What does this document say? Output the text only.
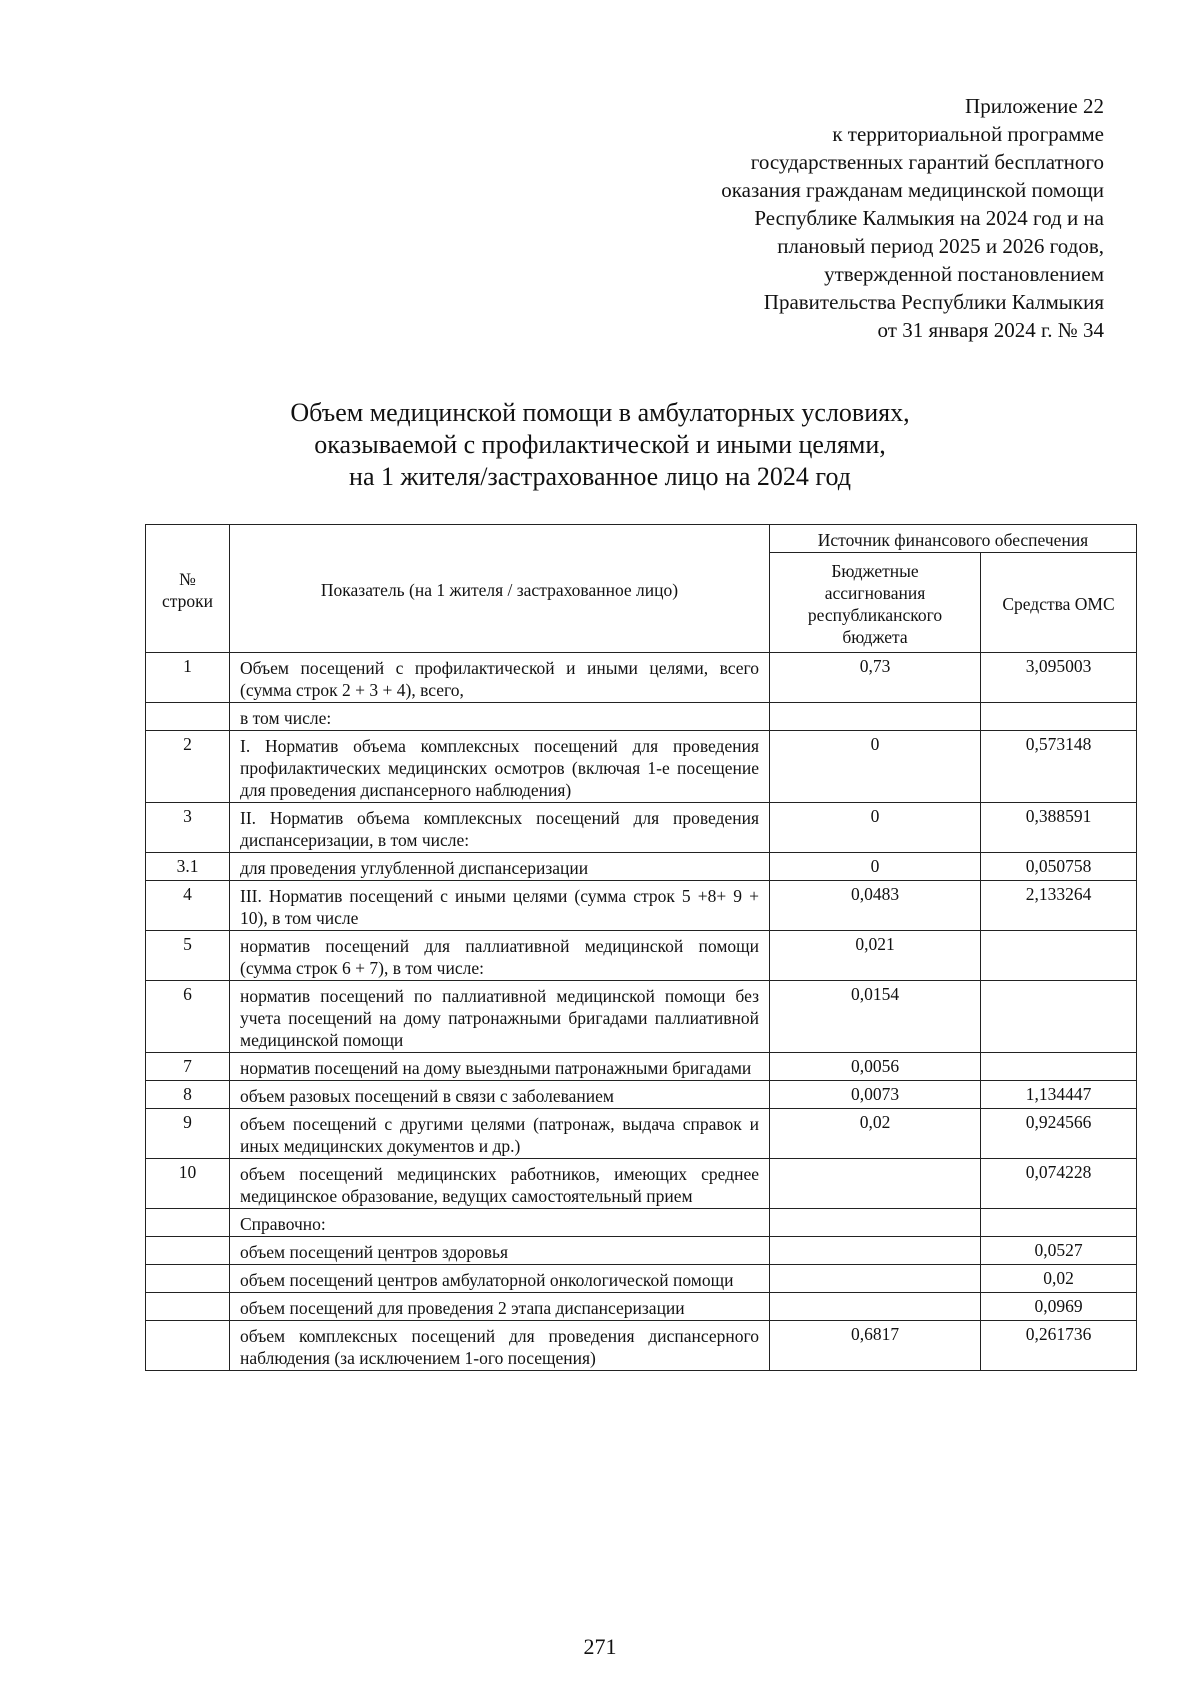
Приложение 22
к территориальной программе
государственных гарантий бесплатного
оказания гражданам медицинской помощи
Республике Калмыкия на 2024 год и на
плановый период 2025 и 2026 годов,
утвержденной постановлением
Правительства Республики Калмыкия
от 31 января 2024 г. № 34
Объем медицинской помощи в амбулаторных условиях,
оказываемой с профилактической и иными целями,
на 1 жителя/застрахованное лицо на 2024 год
№ строки	Показатель (на 1 жителя / застрахованное лицо)	Источник финансового обеспечения	
		Бюджетные ассигнования республиканского бюджета	Средства ОМС
1	Объем посещений с профилактической и иными целями, всего (сумма строк 2 + 3 + 4), всего,	0,73	3,095003
	в том числе:		
2	I. Норматив объема комплексных посещений для проведения профилактических медицинских осмотров (включая 1-е посещение для проведения диспансерного наблюдения)	0	0,573148
3	II. Норматив объема комплексных посещений для проведения диспансеризации, в том числе:	0	0,388591
3.1	для проведения углубленной диспансеризации	0	0,050758
4	III. Норматив посещений с иными целями (сумма строк 5 +8+ 9 + 10), в том числе	0,0483	2,133264
5	норматив посещений для паллиативной медицинской помощи (сумма строк 6 + 7), в том числе:	0,021	
6	норматив посещений по паллиативной медицинской помощи без учета посещений на дому патронажными бригадами паллиативной медицинской помощи	0,0154	
7	норматив посещений на дому выездными патронажными бригадами	0,0056	
8	объем разовых посещений в связи с заболеванием	0,0073	1,134447
9	объем посещений с другими целями (патронаж, выдача справок и иных медицинских документов и др.)	0,02	0,924566
10	объем посещений медицинских работников, имеющих среднее медицинское образование, ведущих самостоятельный прием		0,074228
	Справочно:		
	объем посещений центров здоровья		0,0527
	объем посещений центров амбулаторной онкологической помощи		0,02
	объем посещений для проведения 2 этапа диспансеризации		0,0969
	объем комплексных посещений для проведения диспансерного наблюдения (за исключением 1-ого посещения)	0,6817	0,261736
271
